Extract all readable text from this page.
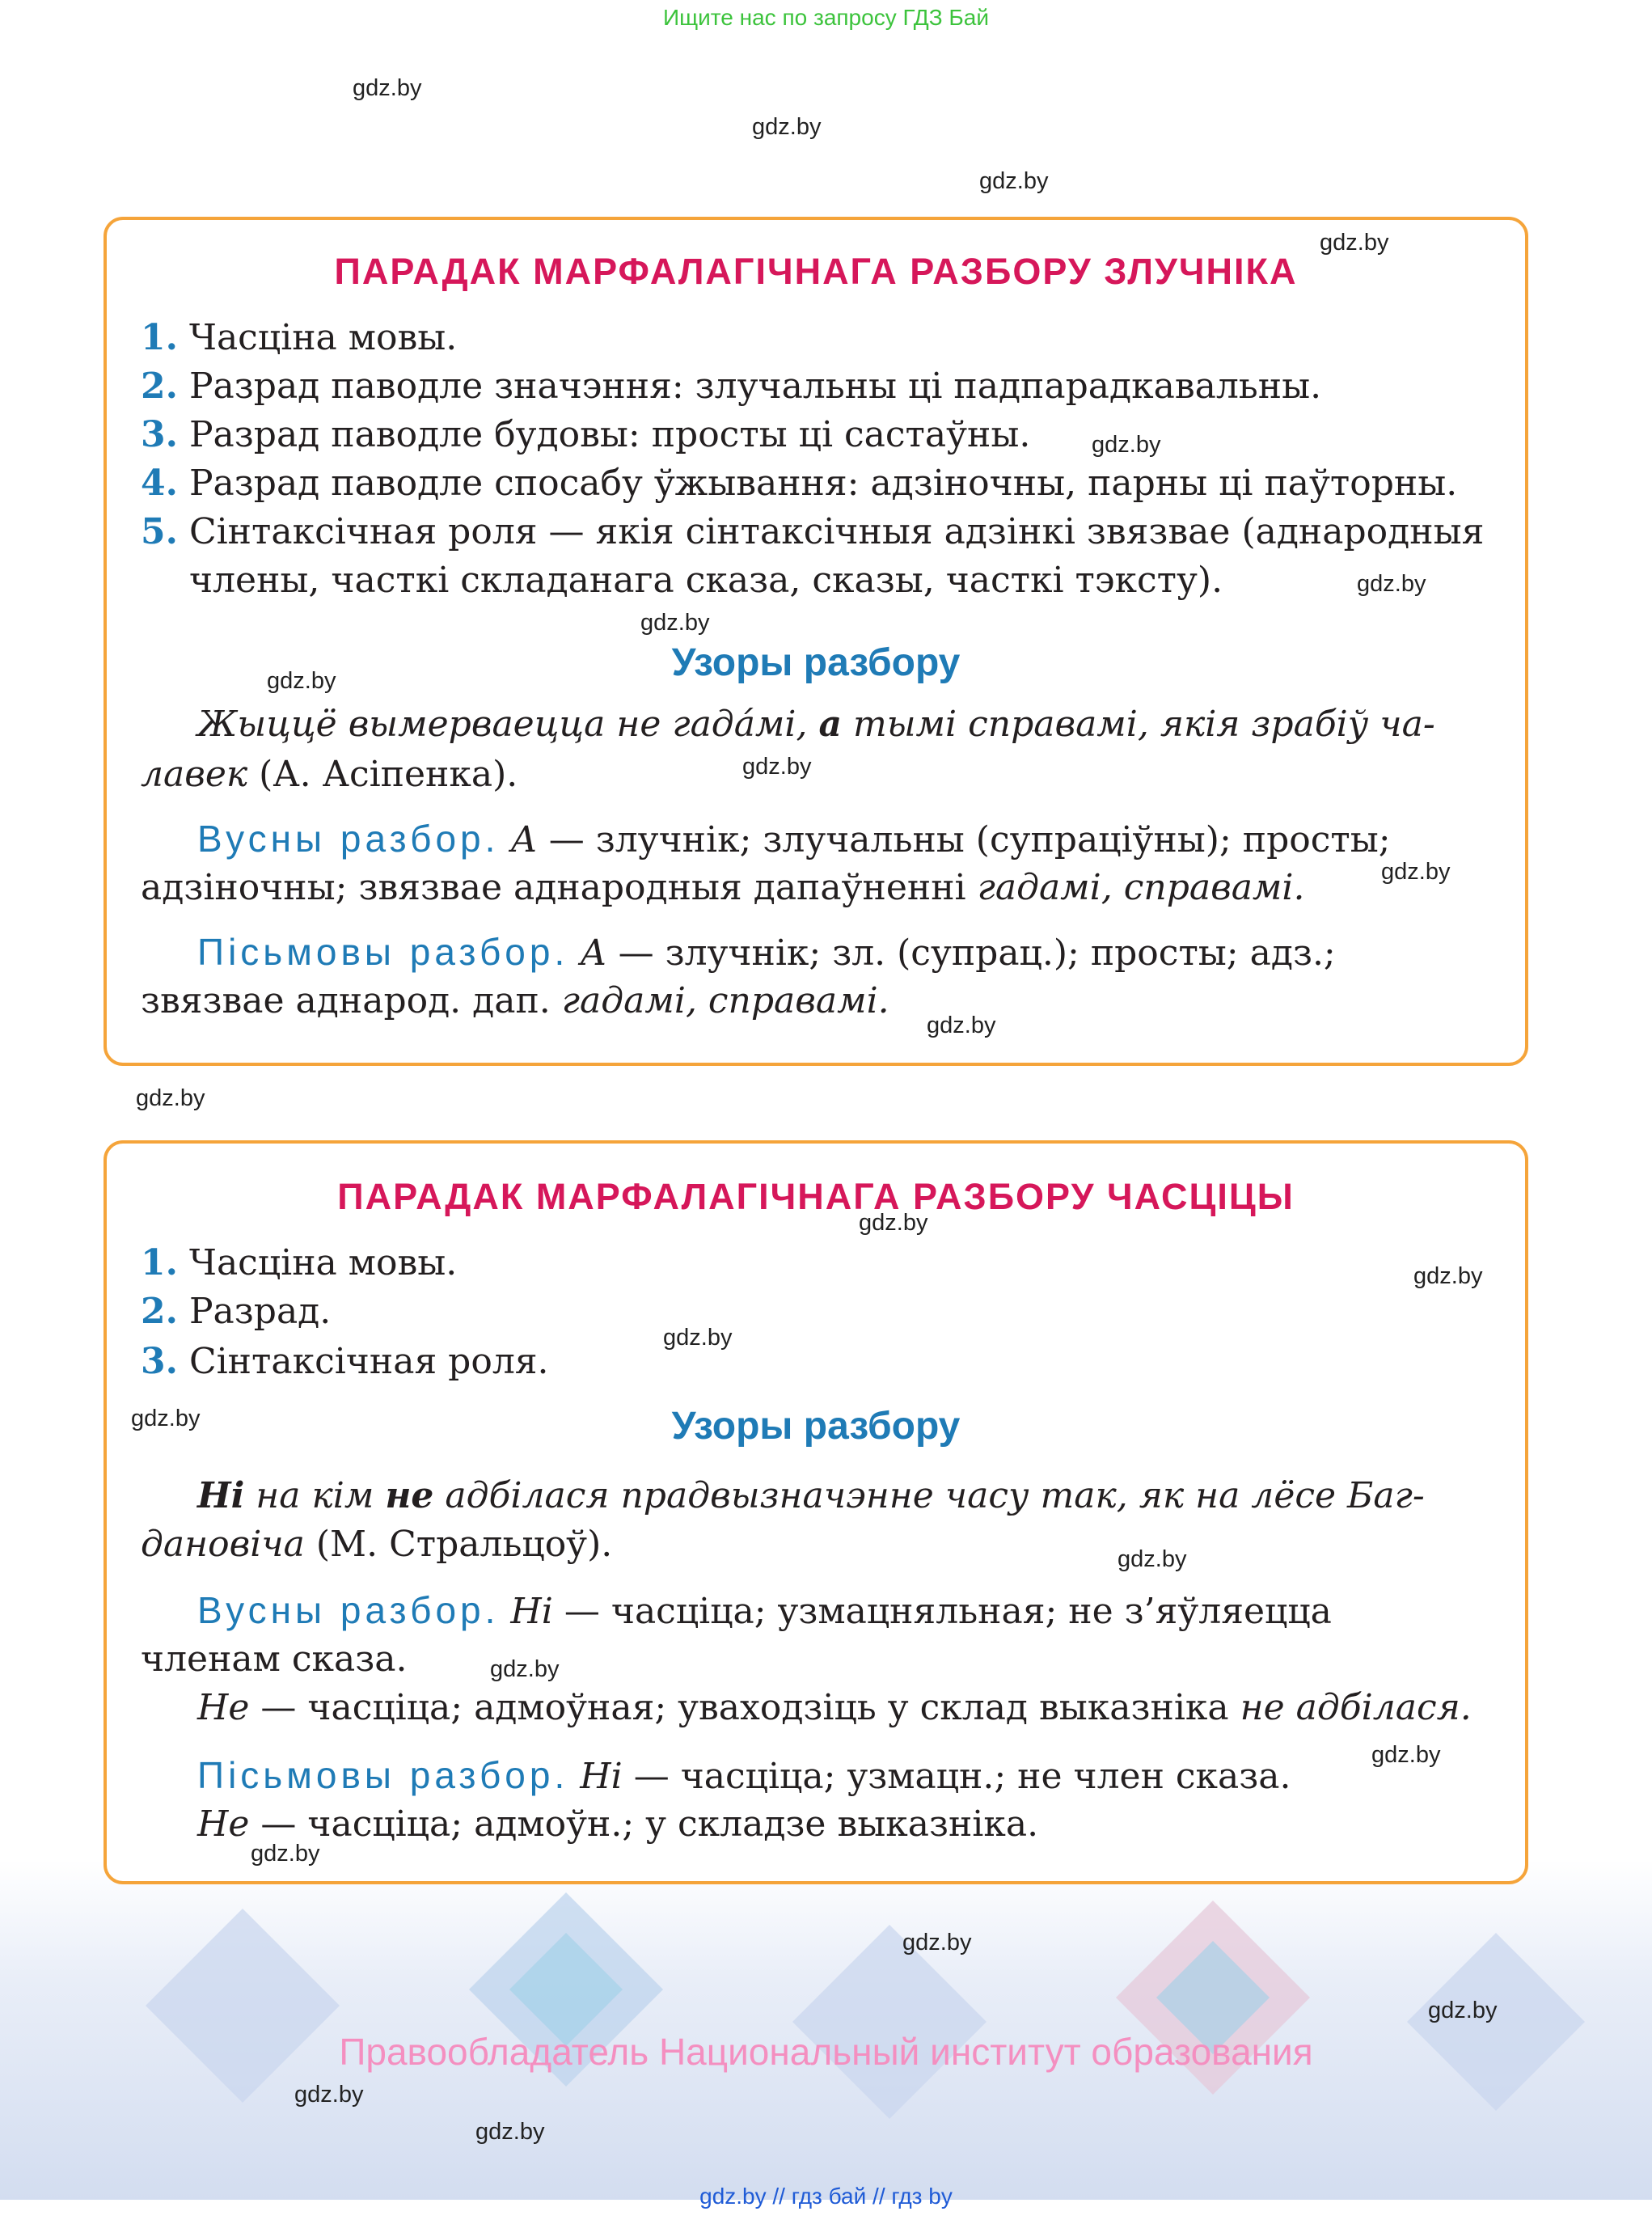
Ищите нас по запросу ГДЗ Бай
gdz.by
gdz.by
gdz.by
gdz.by
ПАРАДАК МАРФАЛАГІЧНАГА РАЗБОРУ ЗЛУЧНІКА
gdz.by
1. Часціна мовы.
2. Разрад паводле значэння: злучальны ці падпарадкавальны.
3. Разрад паводле будовы: просты ці састаўны.	gdz.by
4. Разрад паводле спосабу ўжывання: адзіночны, парны ці паўторны.
5. Сінтаксічная роля — якія сінтаксічныя адзінкі звязвае (аднародныя
члены, часткі складанага сказа, сказы, часткі тэксту).	gdz.by
gdz.by
Узоры разбору
gdz.by
Жыццё вымерваецца не гада́мі, а тымі справамі, якія зрабіў ча-
лавек (А. Асіпенка).	gdz.by
Вусны разбор. А — злучнік; злучальны (супраціўны); просты;
адзіночны; звязвае аднародныя дапаўненні гадамі, справамі.	gdz.by
Пісьмовы разбор. А — злучнік; зл. (супрац.); просты; адз.;
звязвае аднарод. дап. гадамі, справамі.
gdz.by
ПАРАДАК МАРФАЛАГІЧНАГА РАЗБОРУ ЧАСЦІЦЫ
gdz.by
gdz.by
1. Часціна мовы.
2. Разрад.
gdz.by
3. Сінтаксічная роля.
gdz.by	Узоры разбору
Ні на кім не адбілася прадвызначэнне часу так, як на лёсе Баг-
дановіча (М. Стральцоў).	gdz.by
Вусны разбор. Ні — часціца; узмацняльная; не з’яўляецца
членам сказа.	gdz.by
Не — часціца; адмоўная; уваходзіць у склад выказніка не адбілася.
gdz.by
Пісьмовы разбор. Ні — часціца; узмацн.; не член сказа.
Не — часціца; адмоўн.; у складзе выказніка.
gdz.by
gdz.by
gdz.by
Правообладатель Национальный институт образования
gdz.by
gdz.by
gdz.by // гдз бай // гдз by
